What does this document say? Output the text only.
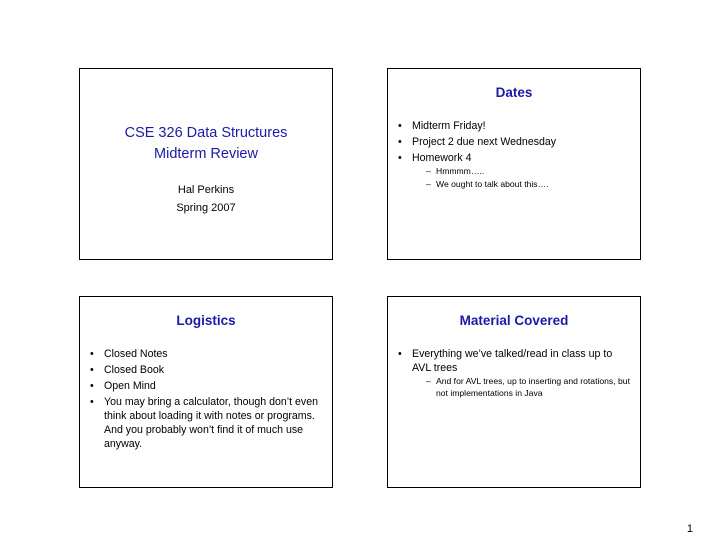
CSE 326 Data Structures
Midterm Review
Hal Perkins
Spring 2007
Dates
• Midterm Friday!
• Project 2 due next Wednesday
• Homework 4
– Hmmmm…..
– We ought to talk about this….
Logistics
• Closed Notes
• Closed Book
• Open Mind
• You may bring a calculator, though don’t even think about loading it with notes or programs. And you probably won’t find it of much use anyway.
Material Covered
• Everything we’ve talked/read in class up to AVL trees
– And for AVL trees, up to inserting and rotations, but not implementations in Java
1
